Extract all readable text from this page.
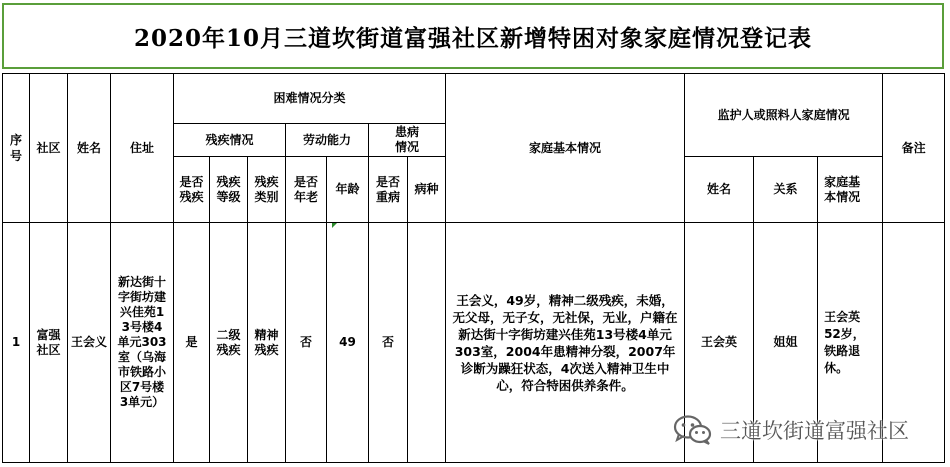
2020年10月三道坎街道富强社区新增特困对象家庭情况登记表
序号	社区	姓名	住址	困难情况分类							家庭基本情况	监护人或照料人家庭情况			备注
				残疾情况			劳动能力		患病情况						

				是否残疾	残疾等级	残疾类别	是否年老	年龄	是否重病	病种		姓名	关系	家庭基本情况	

1	富强社区	王会义	新达街十字街坊建兴佳苑13号楼4单元303室（乌海市铁路小区7号楼3单元）	是	二级残疾	精神残疾	否	49	否		王会义，49岁，精神二级残疾，未婚，无父母，无子女，无社保，无业，户籍在新达街十字街坊建兴佳苑13号楼4单元303室，2004年患精神分裂，2007年诊断为躁狂状态，4次送入精神卫生中心，符合特困供养条件。	王会英	姐姐	王会英52岁，铁路退休。	

三道坎街道富强社区
